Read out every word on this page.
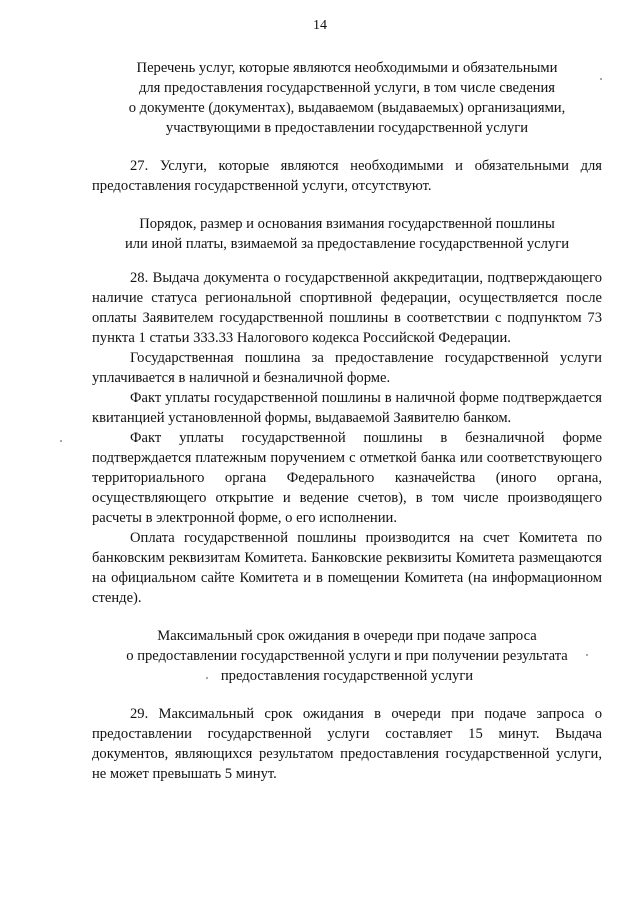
14
Перечень услуг, которые являются необходимыми и обязательными
для предоставления государственной услуги, в том числе сведения
о документе (документах), выдаваемом (выдаваемых) организациями,
участвующими в предоставлении государственной услуги

27. Услуги, которые являются необходимыми и обязательными для предоставления государственной услуги, отсутствуют.

Порядок, размер и основания взимания государственной пошлины
или иной платы, взимаемой за предоставление государственной услуги

28. Выдача документа о государственной аккредитации, подтверждающего наличие статуса региональной спортивной федерации, осуществляется после оплаты Заявителем государственной пошлины в соответствии с подпунктом 73 пункта 1 статьи 333.33 Налогового кодекса Российской Федерации.

Государственная пошлина за предоставление государственной услуги уплачивается в наличной и безналичной форме.

Факт уплаты государственной пошлины в наличной форме подтверждается квитанцией установленной формы, выдаваемой Заявителю банком.

Факт уплаты государственной пошлины в безналичной форме подтверждается платежным поручением с отметкой банка или соответствующего территориального органа Федерального казначейства (иного органа, осуществляющего открытие и ведение счетов), в том числе производящего расчеты в электронной форме, о его исполнении.

Оплата государственной пошлины производится на счет Комитета по банковским реквизитам Комитета. Банковские реквизиты Комитета размещаются на официальном сайте Комитета и в помещении Комитета (на информационном стенде).

Максимальный срок ожидания в очереди при подаче запроса
о предоставлении государственной услуги и при получении результата
предоставления государственной услуги

29. Максимальный срок ожидания в очереди при подаче запроса о предоставлении государственной услуги составляет 15 минут. Выдача документов, являющихся результатом предоставления государственной услуги, не может превышать 5 минут.
